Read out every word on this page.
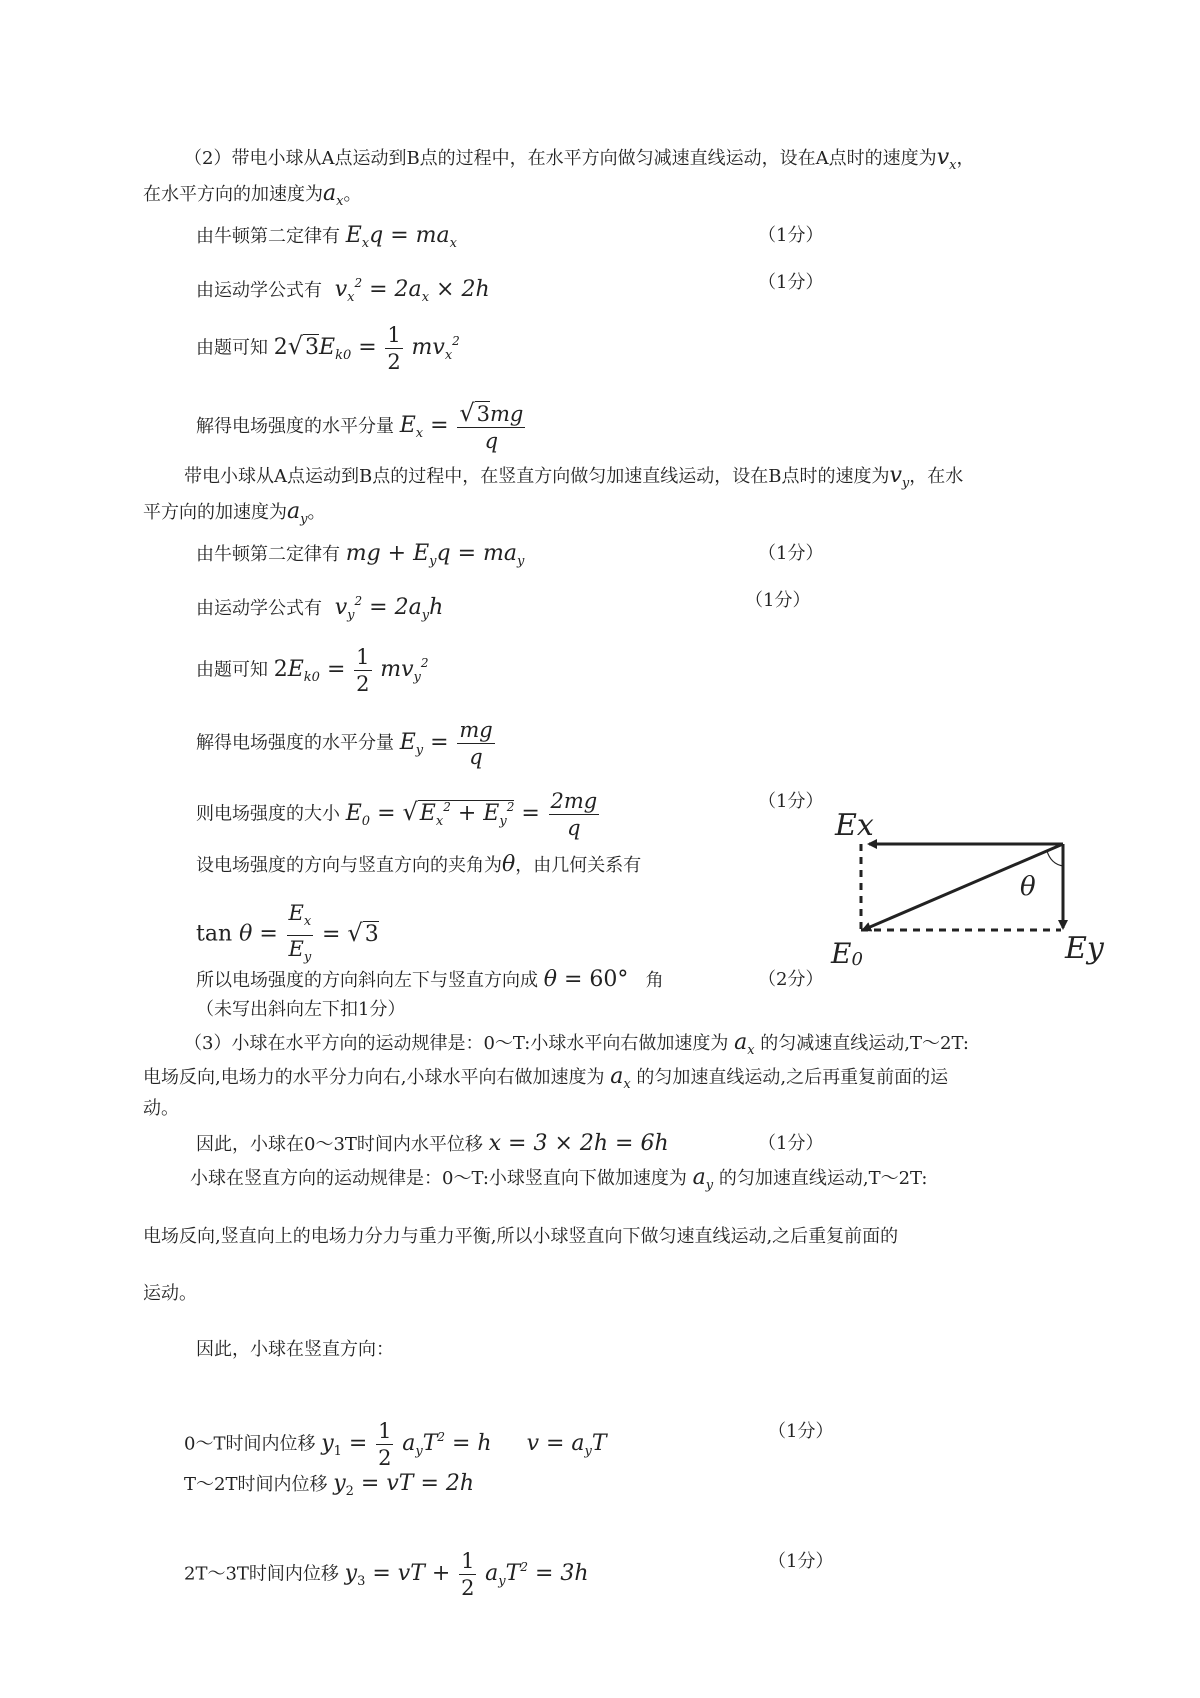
（2）带电小球从A点运动到B点的过程中，在水平方向做匀减速直线运动，设在A点时的速度为$v_x$，
在水平方向的加速度为$a_x$。
由牛顿第二定律有 $E_xq = ma_x$	（1分）
由运动学公式有  $v_x^2 = 2a_x \times 2h$	（1分）
由题可知 $2√3E_{k0} = \frac{1}{2} mv_x^2$
解得电场强度的水平分量 $E_x = \frac{√3mg}{q}$
带电小球从A点运动到B点的过程中，在竖直方向做匀加速直线运动，设在B点时的速度为$v_y$，在水
平方向的加速度为$a_y$。
由牛顿第二定律有 mg + $E_yq = ma_y$	（1分）
由运动学公式有  $v_y^2 = 2a_yh$	（1分）
由题可知 $2E_{k0} = \frac{1}{2} mv_y^2$
解得电场强度的水平分量 $E_y = \frac{mg}{q}$
则电场强度的大小 $E_0 = √E_x^2 + E_y^2 = \frac{2mg}{q}$	（1分）
设电场强度的方向与竖直方向的夹角为θ，由几何关系有
$\tan \theta = \frac{E_x}{E_y} = √3$
所以电场强度的方向斜向左下与竖直方向成 θ = 60° 角	（2分）
（未写出斜向左下扣1分）
Ex
θ
Ey
E0
（3）小球在水平方向的运动规律是：0～T:小球水平向右做加速度为 $a_x$ 的匀减速直线运动,T～2T:
电场反向,电场力的水平分力向右,小球水平向右做加速度为 $a_x$ 的匀加速直线运动,之后再重复前面的运
动。
因此，小球在0～3T时间内水平位移 x = 3 × 2h = 6h	（1分）
小球在竖直方向的运动规律是：0～T:小球竖直向下做加速度为 $a_y$ 的匀加速直线运动,T～2T:
电场反向,竖直向上的电场力分力与重力平衡,所以小球竖直向下做匀速直线运动,之后重复前面的
运动。
因此，小球在竖直方向：
0～T时间内位移 $y_1 = \frac{1}{2} a_yT^2 = h$     $v = a_yT$	（1分）
T～2T时间内位移 $y_2$ = vT = 2h
2T～3T时间内位移 $y_3$ = vT + $\frac{1}{2} a_yT^2 = 3h$	（1分）
